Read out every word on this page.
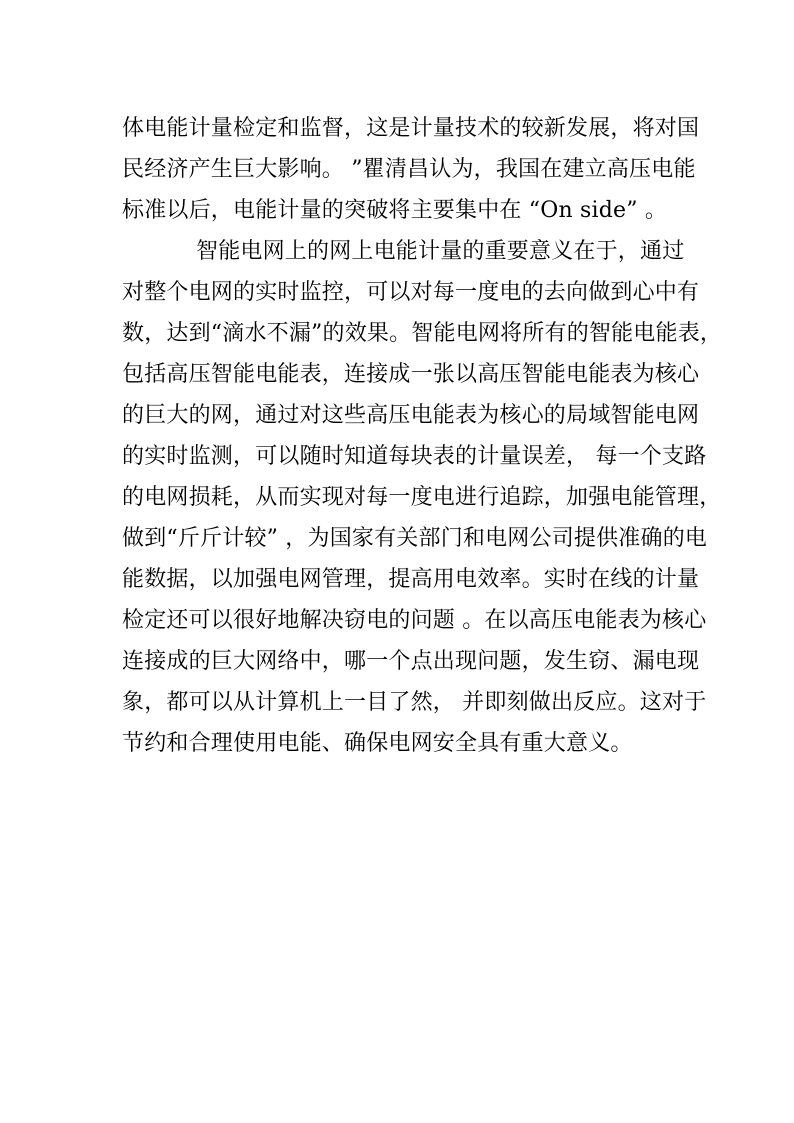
体电能计量检定和监督，这是计量技术的较新发展，将对国

民经济产生巨大影响。 ”瞿清昌认为，我国在建立高压电能

标准以后，电能计量的突破将主要集中在 “On side” 。

智能电网上的网上电能计量的重要意义在于，通过

对整个电网的实时监控，可以对每一度电的去向做到心中有

数，达到“滴水不漏”的效果。智能电网将所有的智能电能表，

包括高压智能电能表，连接成一张以高压智能电能表为核心

的巨大的网，通过对这些高压电能表为核心的局域智能电网

的实时监测，可以随时知道每块表的计量误差， 每一个支路

的电网损耗，从而实现对每一度电进行追踪，加强电能管理，

做到“斤斤计较” ，为国家有关部门和电网公司提供准确的电

能数据，以加强电网管理，提高用电效率。实时在线的计量

检定还可以很好地解决窃电的问题 。在以高压电能表为核心

连接成的巨大网络中，哪一个点出现问题，发生窃、漏电现

象，都可以从计算机上一目了然， 并即刻做出反应。这对于

节约和合理使用电能、确保电网安全具有重大意义。
